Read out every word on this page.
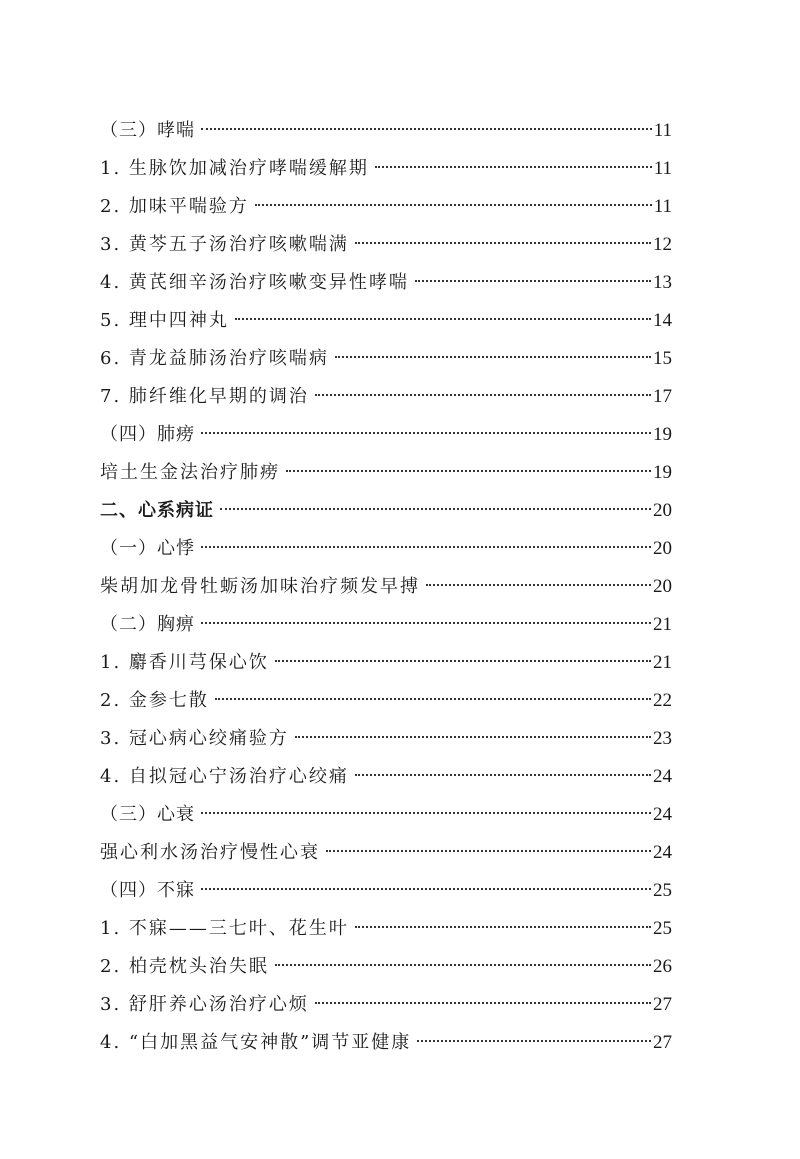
（三）哮喘	11
1. 生脉饮加减治疗哮喘缓解期	11
2. 加味平喘验方	11
3. 黄芩五子汤治疗咳嗽喘满	12
4. 黄芪细辛汤治疗咳嗽变异性哮喘	13
5. 理中四神丸	14
6. 青龙益肺汤治疗咳喘病	15
7. 肺纤维化早期的调治	17
（四）肺痨	19
培土生金法治疗肺痨	19
二、心系病证	20
（一）心悸	20
柴胡加龙骨牡蛎汤加味治疗频发早搏	20
（二）胸痹	21
1. 麝香川芎保心饮	21
2. 金参七散	22
3. 冠心病心绞痛验方	23
4. 自拟冠心宁汤治疗心绞痛	24
（三）心衰	24
强心利水汤治疗慢性心衰	24
（四）不寐	25
1. 不寐——三七叶、花生叶	25
2. 柏壳枕头治失眠	26
3. 舒肝养心汤治疗心烦	27
4. “白加黑益气安神散”调节亚健康	27
